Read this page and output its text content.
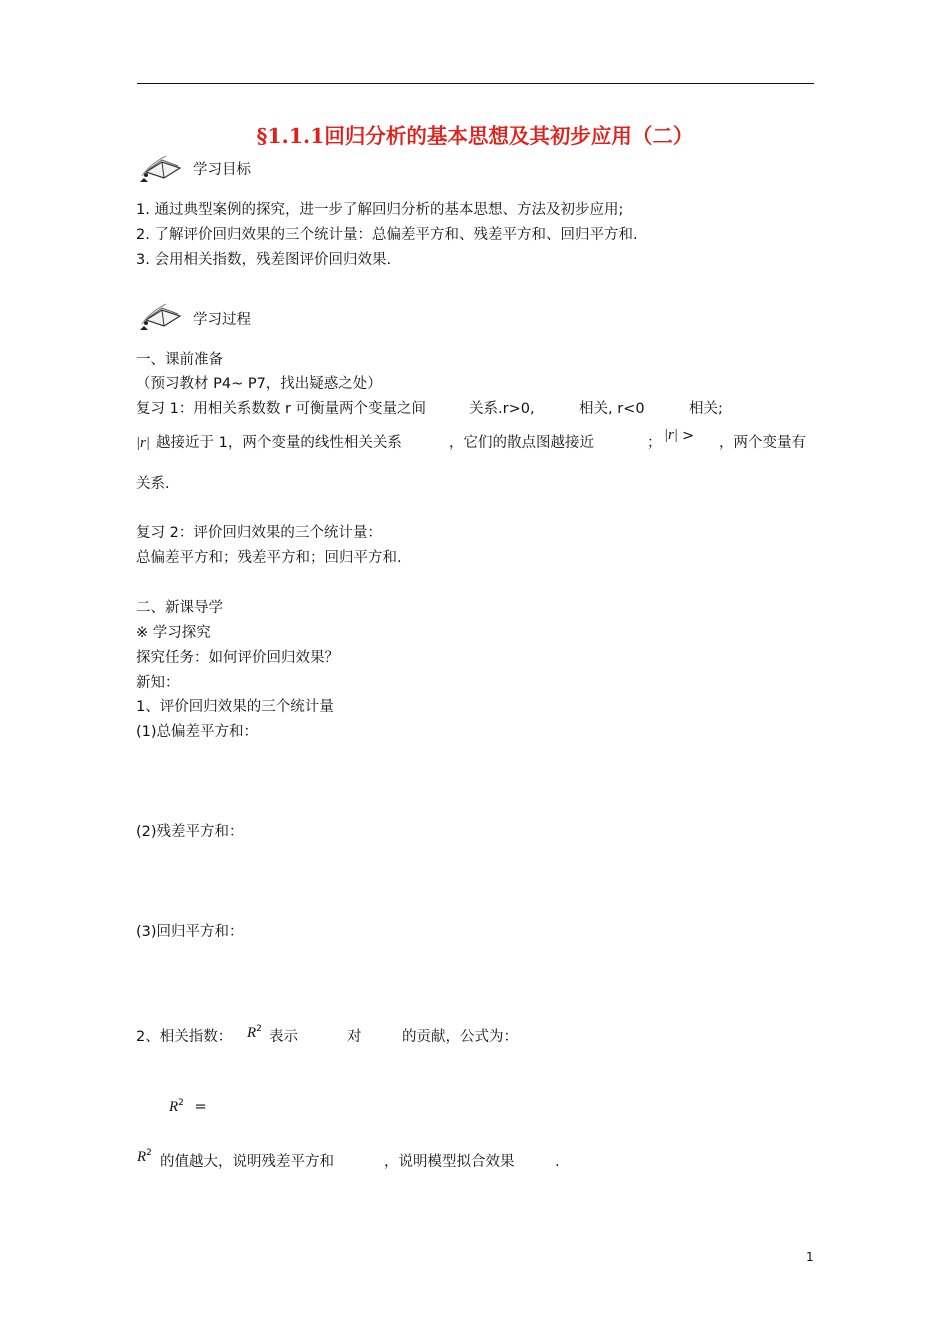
§1.1.1回归分析的基本思想及其初步应用（二）
学习目标
1. 通过典型案例的探究，进一步了解回归分析的基本思想、方法及初步应用;
2. 了解评价回归效果的三个统计量：总偏差平方和、残差平方和、回归平方和.
3. 会用相关指数，残差图评价回归效果.
学习过程
一、课前准备
（预习教材 P4~ P7，找出疑惑之处）
复习 1：用相关系数数 r 可衡量两个变量之间	关系.r>0,	相关, r<0	相关;
|r| 越接近于 1，两个变量的线性相关关系	，它们的散点图越接近	； |r| > ，两个变量有
关系.
复习 2：评价回归效果的三个统计量：
总偏差平方和；残差平方和；回归平方和.
二、新课导学
※ 学习探究
探究任务：如何评价回归效果？
新知：
1、评价回归效果的三个统计量
(1)总偏差平方和：
(2)残差平方和：
(3)回归平方和：
2、相关指数： $R^2$ 表示	对	的贡献，公式为：
$R^2$ =
$R^2$
的值越大，说明残差平方和	，说明模型拟合效果	.
1
